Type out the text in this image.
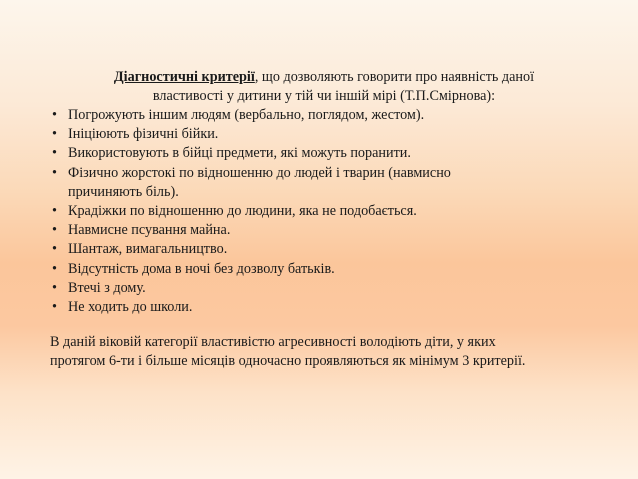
Діагностичні критерії, що дозволяють говорити про наявність даної
властивості у дитини у тій чи іншій мірі (Т.П.Смірнова):
• Погрожують іншим людям (вербально, поглядом, жестом).
• Ініціюють фізичні бійки.
• Використовують в бійці предмети, які можуть поранити.
• Фізично жорстокі по відношенню до людей і тварин (навмисно причиняють біль).
• Крадіжки по відношенню до людини, яка не подобається.
• Навмисне псування майна.
• Шантаж, вимагальництво.
• Відсутність дома в ночі без дозволу батьків.
• Втечі з дому.
• Не ходить до школи.

В даній віковій категорії властивістю агресивності володіють діти, у яких

протягом 6-ти і більше місяців одночасно проявляються як мінімум 3 критерії.
